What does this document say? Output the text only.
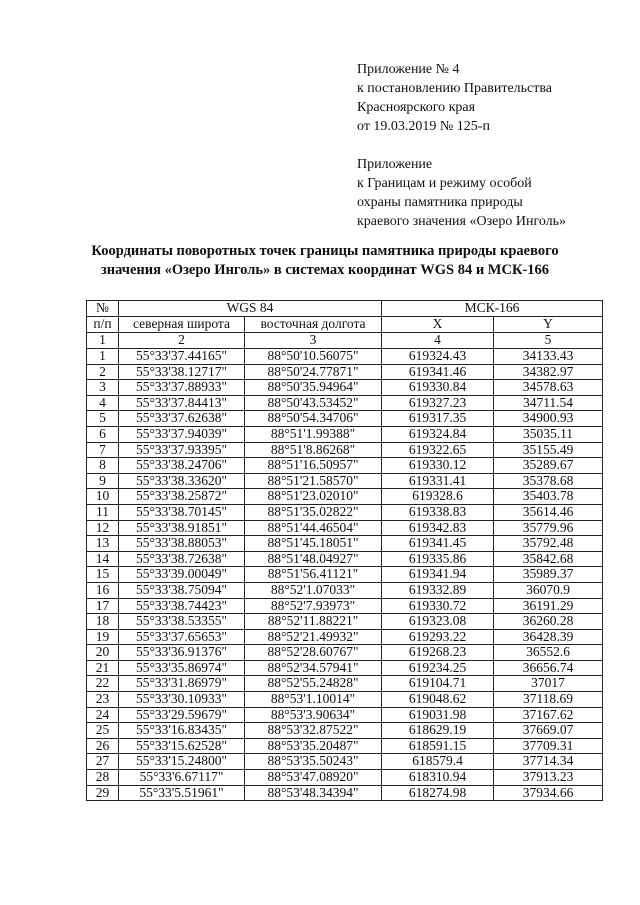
Приложение № 4
к постановлению Правительства
Красноярского края
от 19.03.2019 № 125-п
Приложение
к Границам и режиму особой
охраны памятника природы
краевого значения «Озеро Инголь»
Координаты поворотных точек границы памятника природы краевого
значения «Озеро Инголь» в системах координат WGS 84 и МСК-166
№	WGS 84		МСК-166	
п/п	северная широта	восточная долгота	X	Y
1	2	3	4	5
1	55°33'37.44165"	88°50'10.56075"	619324.43	34133.43
2	55°33'38.12717"	88°50'24.77871"	619341.46	34382.97
3	55°33'37.88933"	88°50'35.94964"	619330.84	34578.63
4	55°33'37.84413"	88°50'43.53452"	619327.23	34711.54
5	55°33'37.62638"	88°50'54.34706"	619317.35	34900.93
6	55°33'37.94039"	88°51'1.99388"	619324.84	35035.11
7	55°33'37.93395"	88°51'8.86268"	619322.65	35155.49
8	55°33'38.24706"	88°51'16.50957"	619330.12	35289.67
9	55°33'38.33620"	88°51'21.58570"	619331.41	35378.68
10	55°33'38.25872"	88°51'23.02010"	619328.6	35403.78
11	55°33'38.70145"	88°51'35.02822"	619338.83	35614.46
12	55°33'38.91851"	88°51'44.46504"	619342.83	35779.96
13	55°33'38.88053"	88°51'45.18051"	619341.45	35792.48
14	55°33'38.72638"	88°51'48.04927"	619335.86	35842.68
15	55°33'39.00049"	88°51'56.41121"	619341.94	35989.37
16	55°33'38.75094"	88°52'1.07033"	619332.89	36070.9
17	55°33'38.74423"	88°52'7.93973"	619330.72	36191.29
18	55°33'38.53355"	88°52'11.88221"	619323.08	36260.28
19	55°33'37.65653"	88°52'21.49932"	619293.22	36428.39
20	55°33'36.91376"	88°52'28.60767"	619268.23	36552.6
21	55°33'35.86974"	88°52'34.57941"	619234.25	36656.74
22	55°33'31.86979"	88°52'55.24828"	619104.71	37017
23	55°33'30.10933"	88°53'1.10014"	619048.62	37118.69
24	55°33'29.59679"	88°53'3.90634"	619031.98	37167.62
25	55°33'16.83435"	88°53'32.87522"	618629.19	37669.07
26	55°33'15.62528"	88°53'35.20487"	618591.15	37709.31
27	55°33'15.24800"	88°53'35.50243"	618579.4	37714.34
28	55°33'6.67117"	88°53'47.08920"	618310.94	37913.23
29	55°33'5.51961"	88°53'48.34394"	618274.98	37934.66
